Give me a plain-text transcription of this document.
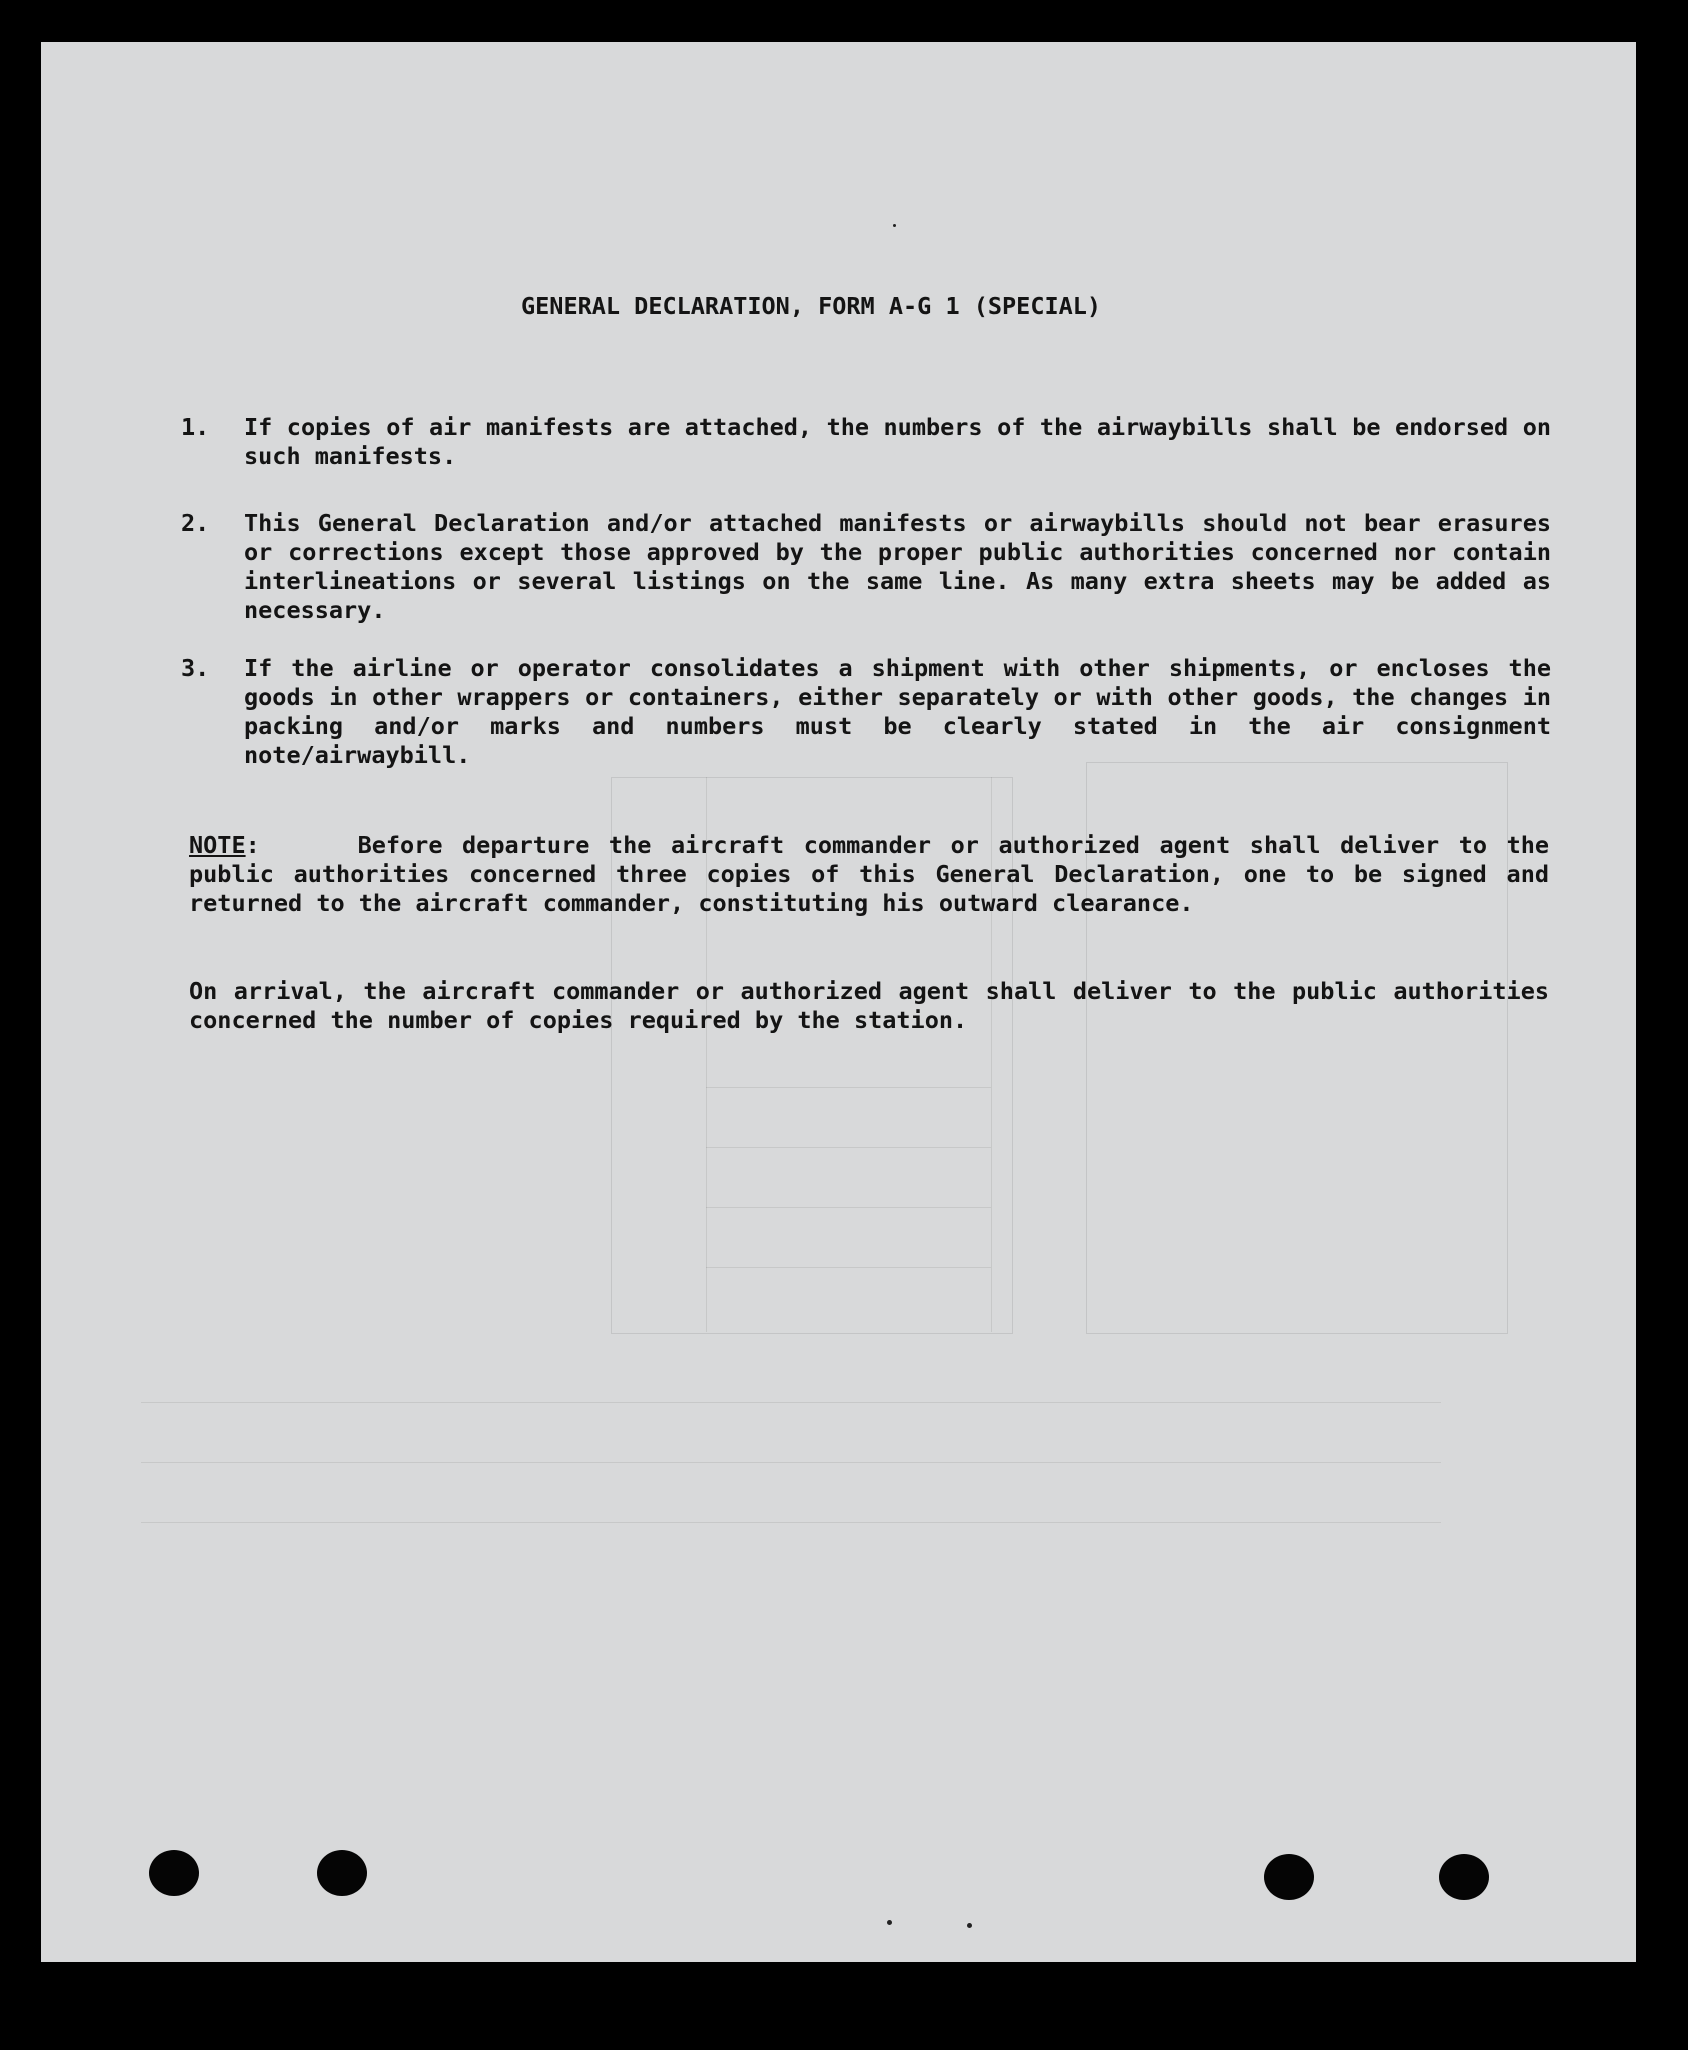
GENERAL DECLARATION, FORM A-G 1 (SPECIAL)
1.	If copies of air manifests are attached, the numbers of the airwaybills shall be endorsed on such manifests.
2.	This General Declaration and/or attached manifests or airwaybills should not bear erasures or corrections except those approved by the proper public authorities concerned nor contain interlineations or several listings on the same line. As many extra sheets may be added as necessary.
3.	If the airline or operator consolidates a shipment with other shipments, or encloses the goods in other wrappers or containers, either separately or with other goods, the changes in packing and/or marks and numbers must be clearly stated in the air consignment note/airwaybill.
NOTE:     Before departure the aircraft commander or authorized agent shall deliver to the public authorities concerned three copies of this General Declaration, one to be signed and returned to the aircraft commander, constituting his outward clearance.
On arrival, the aircraft commander or authorized agent shall deliver to the public authorities concerned the number of copies required by the station.
